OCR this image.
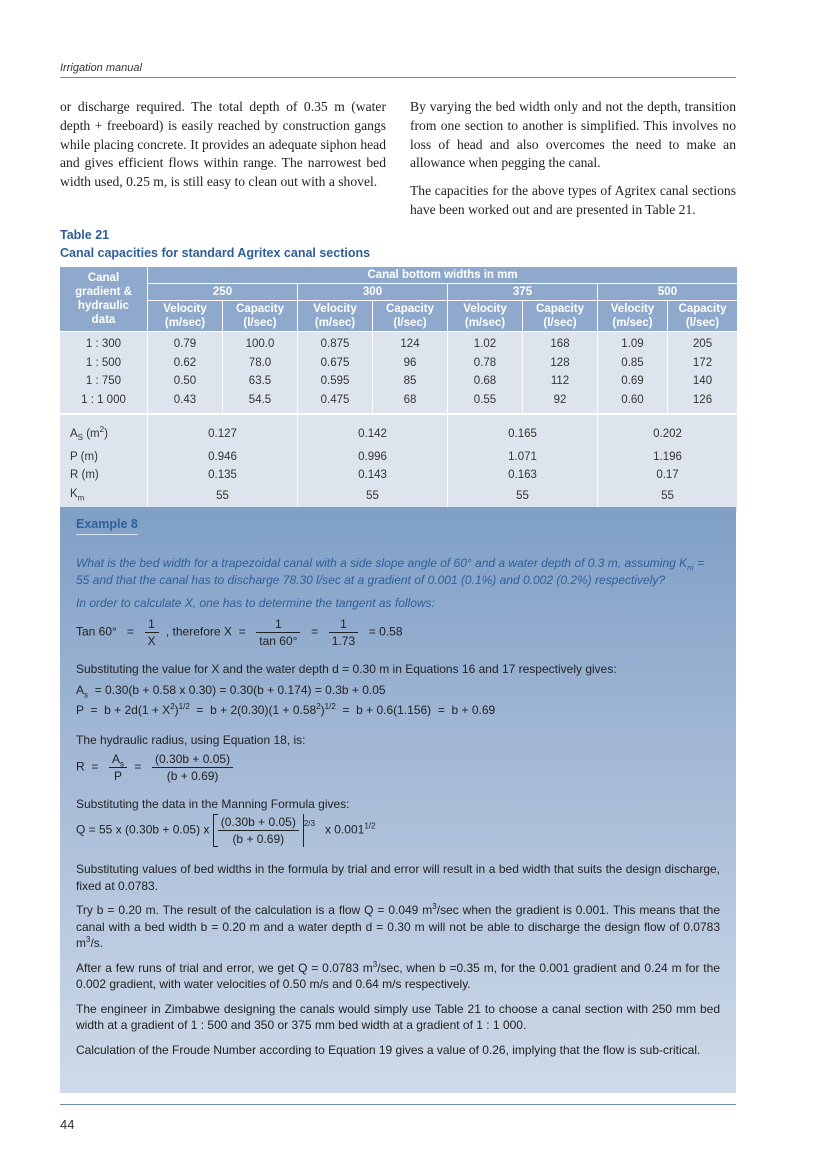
Irrigation manual

or discharge required. The total depth of 0.35 m (water depth + freeboard) is easily reached by construction gangs while placing concrete. It provides an adequate siphon head and gives efficient flows within range. The narrowest bed width used, 0.25 m, is still easy to clean out with a shovel.

By varying the bed width only and not the depth, transition from one section to another is simplified. This involves no loss of head and also overcomes the need to make an allowance when pegging the canal.

The capacities for the above types of Agritex canal sections have been worked out and are presented in Table 21.

Table 21
Canal capacities for standard Agritex canal sections
Canal gradient & hydraulic data	Canal bottom widths in mm							
	250		300		375		500	
	Velocity (m/sec)	Capacity (l/sec)	Velocity (m/sec)	Capacity (l/sec)	Velocity (m/sec)	Capacity (l/sec)	Velocity (m/sec)	Capacity (l/sec)
1 : 300	0.79	100.0	0.875	124	1.02	168	1.09	205
1 : 500	0.62	78.0	0.675	96	0.78	128	0.85	172
1 : 750	0.50	63.5	0.595	85	0.68	112	0.69	140
1 : 1 000	0.43	54.5	0.475	68	0.55	92	0.60	126
$A_S$ $(m^2)$	0.127		0.142		0.165		0.202	
P (m)	0.946		0.996		1.071		1.196	
R (m)	0.135		0.143		0.163		0.17	
$K_m$	55		55		55		55	
Example 8

What is the bed width for a trapezoidal canal with a side slope angle of 60° and a water depth of 0.3 m, assuming $K_m = 55$ and that the canal has to discharge 78.30 l/sec at a gradient of 0.001 (0.1%) and 0.002 (0.2%) respectively?

In order to calculate X, one has to determine the tangent as follows:

Tan $60^\circ = \frac{1}{X}$ , therefore $X = \frac{1}{\tan 60^\circ} = \frac{1}{1.73} = 0.58$

Substituting the value for X and the water depth d = 0.30 m in Equations 16 and 17 respectively gives:

$A_s = 0.30(b + 0.58$ x 0.30) = 0.30(b + 0.174) = 0.3b + 0.05
$P = b + 2d(1 + X^2)^{1/2} = b + 2(0.30)(1 + 0.58^2)^{1/2} = b + 0.6(1.156) = b + 0.69$

The hydraulic radius, using Equation 18, is:

$R = \frac{A_s}{P} = \frac{(0.30b + 0.05)}{(b + 0.69)}$

Substituting the data in the Manning Formula gives:

Q = 55 x (0.30b + 0.05) x $\frac{(0.30b + 0.05)}{(b + 0.69)} ^{2/3}$ x $0.001^{1/2}$

Substituting values of bed widths in the formula by trial and error will result in a bed width that suits the design discharge, fixed at 0.0783.

Try b = 0.20 m. The result of the calculation is a flow Q = 0.049 $m^3/\sec$ when the gradient is 0.001. This means that the canal with a bed width b = 0.20 m and a water depth d = 0.30 m will not be able to discharge the design flow of 0.0783 $m^3/s$.

After a few runs of trial and error, we get Q = 0.0783 $m^3/\sec$, when b =0.35 m, for the 0.001 gradient and 0.24 m for the 0.002 gradient, with water velocities of 0.50 m/s and 0.64 m/s respectively.

The engineer in Zimbabwe designing the canals would simply use Table 21 to choose a canal section with 250 mm bed width at a gradient of 1 : 500 and 350 or 375 mm bed width at a gradient of 1 : 1 000.

Calculation of the Froude Number according to Equation 19 gives a value of 0.26, implying that the flow is sub-critical.

44
